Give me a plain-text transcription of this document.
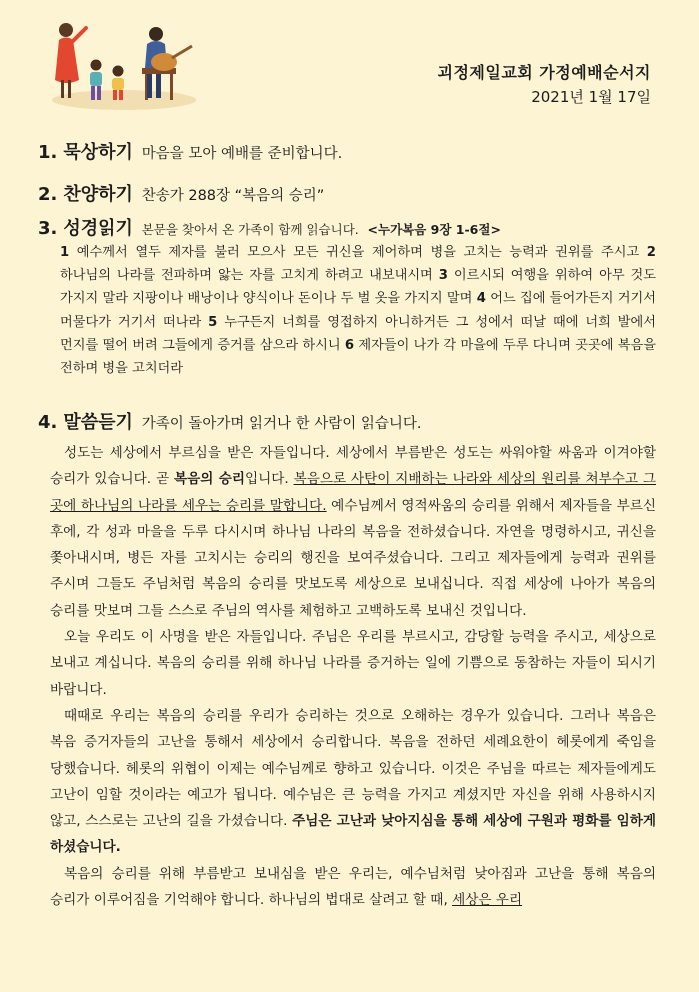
괴정제일교회 가정예배순서지
2021년 1월 17일
1. 묵상하기 마음을 모아 예배를 준비합니다.
2. 찬양하기 찬송가 288장 “복음의 승리”
3. 성경읽기 본문을 찾아서 온 가족이 함께 읽습니다. <누가복음 9장 1-6절>
1 예수께서 열두 제자를 불러 모으사 모든 귀신을 제어하며 병을 고치는 능력과 권위를 주시고 2 하나님의 나라를 전파하며 앓는 자를 고치게 하려고 내보내시며 3 이르시되 여행을 위하여 아무 것도 가지지 말라 지팡이나 배낭이나 양식이나 돈이나 두 벌 옷을 가지지 말며 4 어느 집에 들어가든지 거기서 머물다가 거기서 떠나라 5 누구든지 너희를 영접하지 아니하거든 그 성에서 떠날 때에 너희 발에서 먼지를 떨어 버려 그들에게 증거를 삼으라 하시니 6 제자들이 나가 각 마을에 두루 다니며 곳곳에 복음을 전하며 병을 고치더라
4. 말씀듣기 가족이 돌아가며 읽거나 한 사람이 읽습니다.

성도는 세상에서 부르심을 받은 자들입니다. 세상에서 부름받은 성도는 싸워야할 싸움과 이겨야할 승리가 있습니다. 곧 복음의 승리입니다. 복음으로 사탄이 지배하는 나라와 세상의 원리를 쳐부수고 그 곳에 하나님의 나라를 세우는 승리를 말합니다. 예수님께서 영적싸움의 승리를 위해서 제자들을 부르신 후에, 각 성과 마을을 두루 다시시며 하나님 나라의 복음을 전하셨습니다. 자연을 명령하시고, 귀신을 쫓아내시며, 병든 자를 고치시는 승리의 행진을 보여주셨습니다. 그리고 제자들에게 능력과 권위를 주시며 그들도 주님처럼 복음의 승리를 맛보도록 세상으로 보내십니다. 직접 세상에 나아가 복음의 승리를 맛보며 그들 스스로 주님의 역사를 체험하고 고백하도록 보내신 것입니다.

오늘 우리도 이 사명을 받은 자들입니다. 주님은 우리를 부르시고, 감당할 능력을 주시고, 세상으로 보내고 계십니다. 복음의 승리를 위해 하나님 나라를 증거하는 일에 기쁨으로 동참하는 자들이 되시기 바랍니다.

때때로 우리는 복음의 승리를 우리가 승리하는 것으로 오해하는 경우가 있습니다. 그러나 복음은 복음 증거자들의 고난을 통해서 세상에서 승리합니다. 복음을 전하던 세례요한이 헤롯에게 죽임을 당했습니다. 헤롯의 위협이 이제는 예수님께로 향하고 있습니다. 이것은 주님을 따르는 제자들에게도 고난이 임할 것이라는 예고가 됩니다. 예수님은 큰 능력을 가지고 계셨지만 자신을 위해 사용하시지 않고, 스스로는 고난의 길을 가셨습니다. 주님은 고난과 낮아지심을 통해 세상에 구원과 평화를 임하게 하셨습니다.

복음의 승리를 위해 부름받고 보내심을 받은 우리는, 예수님처럼 낮아짐과 고난을 통해 복음의 승리가 이루어짐을 기억해야 합니다. 하나님의 법대로 살려고 할 때, 세상은 우리
